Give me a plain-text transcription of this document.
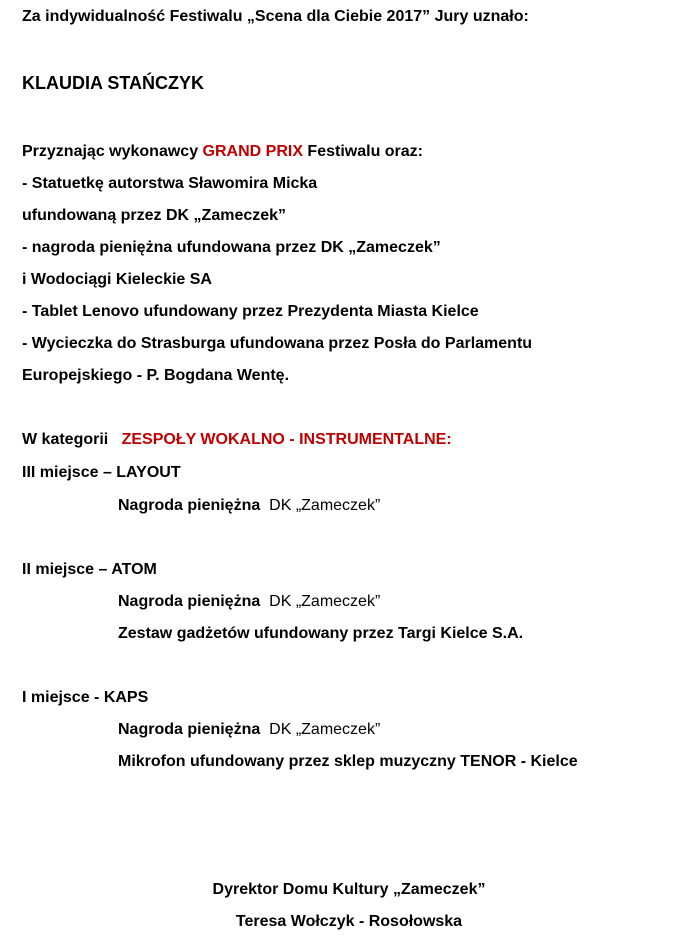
Za indywidualność Festiwalu „Scena dla Ciebie 2017” Jury uznało:
KLAUDIA STAŃCZYK
Przyznając wykonawcy GRAND PRIX Festiwalu oraz:
- Statuetkę autorstwa Sławomira Micka
ufundowaną przez DK „Zameczek”
- nagroda pieniężna ufundowana przez DK „Zameczek”
i Wodociągi Kieleckie SA
- Tablet Lenovo ufundowany przez Prezydenta Miasta Kielce
- Wycieczka do Strasburga ufundowana przez Posła do Parlamentu
Europejskiego - P. Bogdana Wentę.
W kategorii   ZESPOŁY WOKALNO - INSTRUMENTALNE:
III miejsce – LAYOUT
Nagroda pieniężna  DK „Zameczek”
II miejsce – ATOM
Nagroda pieniężna  DK „Zameczek”
Zestaw gadżetów ufundowany przez Targi Kielce S.A.
I miejsce - KAPS
Nagroda pieniężna  DK „Zameczek”
Mikrofon ufundowany przez sklep muzyczny TENOR - Kielce
Dyrektor Domu Kultury „Zameczek”
Teresa Wołczyk - Rosołowska
